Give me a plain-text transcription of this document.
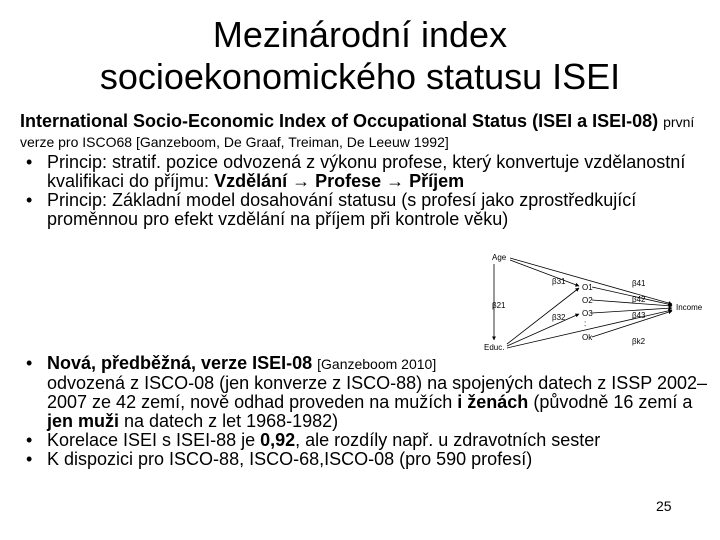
Mezinárodní index
socioekonomického statusu ISEI
International Socio-Economic Index of Occupational Status (ISEI a ISEI-08) první verze pro ISCO68 [Ganzeboom, De Graaf, Treiman, De Leeuw 1992]
• Princip: stratif. pozice odvozená z výkonu profese, který konvertuje vzdělanostní kvalifikaci do příjmu: Vzdělání → Profese → Příjem
• Princip: Základní model dosahování statusu (s profesí jako zprostředkující proměnnou pro efekt vzdělání na příjem při kontrole věku)
Age
Educ.
Income
O1
O2
O3
:
Ok
β31
β21
β32
β41
β42
β43
βk2
• Nová, předběžná, verze ISEI-08 [Ganzeboom 2010]
odvozená z ISCO-08 (jen konverze z ISCO-88) na spojených datech z ISSP 2002–2007 ze 42 zemí, nově odhad proveden na mužích i ženách (původně 16 zemí a jen muži na datech z let 1968-1982)
• Korelace ISEI s ISEI-88 je 0,92, ale rozdíly např. u zdravotních sester
• K dispozici pro ISCO-88, ISCO-68,ISCO-08 (pro 590 profesí)
25
